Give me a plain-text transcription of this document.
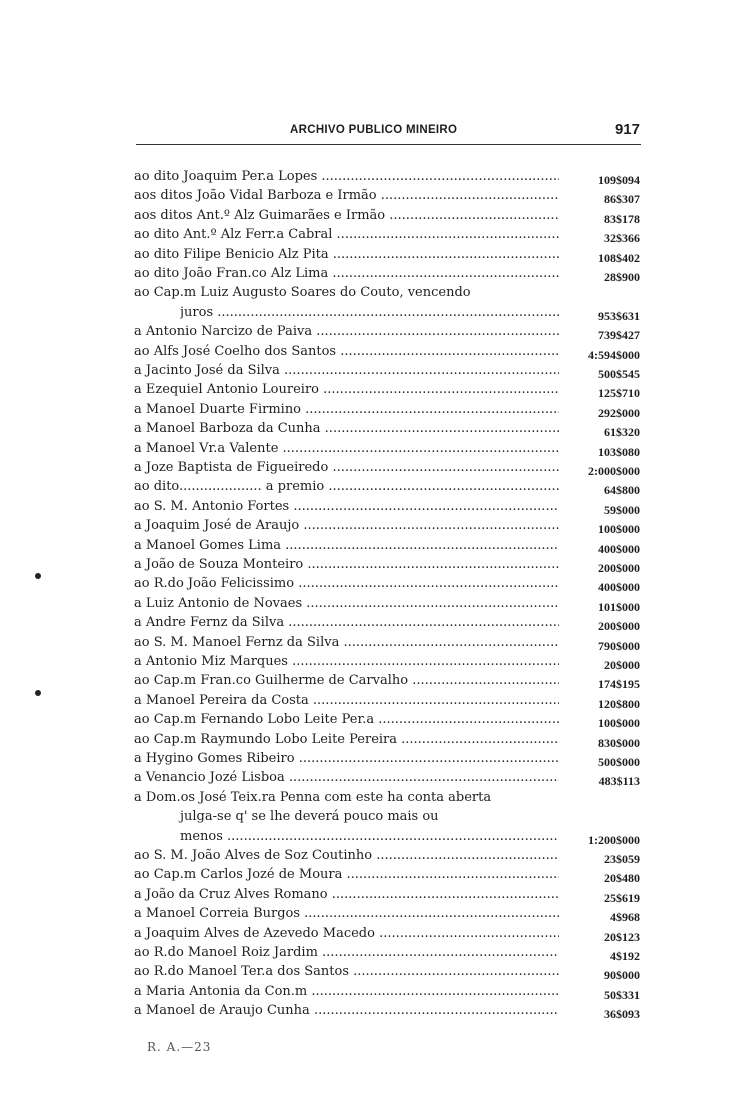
ARCHIVO PUBLICO MINEIRO	917
ao dito Joaquim Per.a Lopes .....	109$094
aos ditos João Vidal Barboza e Irmão .....	86$307
aos ditos Ant.º Alz Guimarães e Irmão .....	83$178
ao dito Ant.º Alz Ferr.a Cabral .....	32$366
ao dito Filipe Benicio Alz Pita .....	108$402
ao dito João Fran.co Alz Lima .....	28$900
ao Cap.m Luiz Augusto Soares do Couto, vencendo
juros .....	953$631
a Antonio Narcizo de Paiva .....	739$427
ao Alfs José Coelho dos Santos .....	4:594$000
a Jacinto José da Silva .....	500$545
a Ezequiel Antonio Loureiro .....	125$710
a Manoel Duarte Firmino .....	292$000
a Manoel Barboza da Cunha .....	61$320
a Manoel Vr.a Valente .....	103$080
a Joze Baptista de Figueiredo .....	2:000$000
ao dito.................... a premio .....	64$800
ao S. M. Antonio Fortes .....	59$000
a Joaquim José de Araujo .....	100$000
a Manoel Gomes Lima .....	400$000
a João de Souza Monteiro .....	200$000
ao R.do João Felicissimo .....	400$000
a Luiz Antonio de Novaes .....	101$000
a Andre Fernz da Silva .....	200$000
ao S. M. Manoel Fernz da Silva .....	790$000
a Antonio Miz Marques .....	20$000
ao Cap.m Fran.co Guilherme de Carvalho .....	174$195
a Manoel Pereira da Costa .....	120$800
ao Cap.m Fernando Lobo Leite Per.a .....	100$000
ao Cap.m Raymundo Lobo Leite Pereira .....	830$000
a Hygino Gomes Ribeiro .....	500$000
a Venancio Jozé Lisboa .....	483$113
a Dom.os José Teix.ra Penna com este ha conta aberta
julga-se q' se lhe deverá pouco mais ou
menos .....	1:200$000
ao S. M. João Alves de Soz Coutinho .....	23$059
ao Cap.m Carlos Jozé de Moura .....	20$480
a João da Cruz Alves Romano .....	25$619
a Manoel Correia Burgos .....	4$968
a Joaquim Alves de Azevedo Macedo .....	20$123
ao R.do Manoel Roiz Jardim .....	4$192
ao R.do Manoel Ter.a dos Santos .....	90$000
a Maria Antonia da Con.m .....	50$331
a Manoel de Araujo Cunha .....	36$093
R. A.—23
